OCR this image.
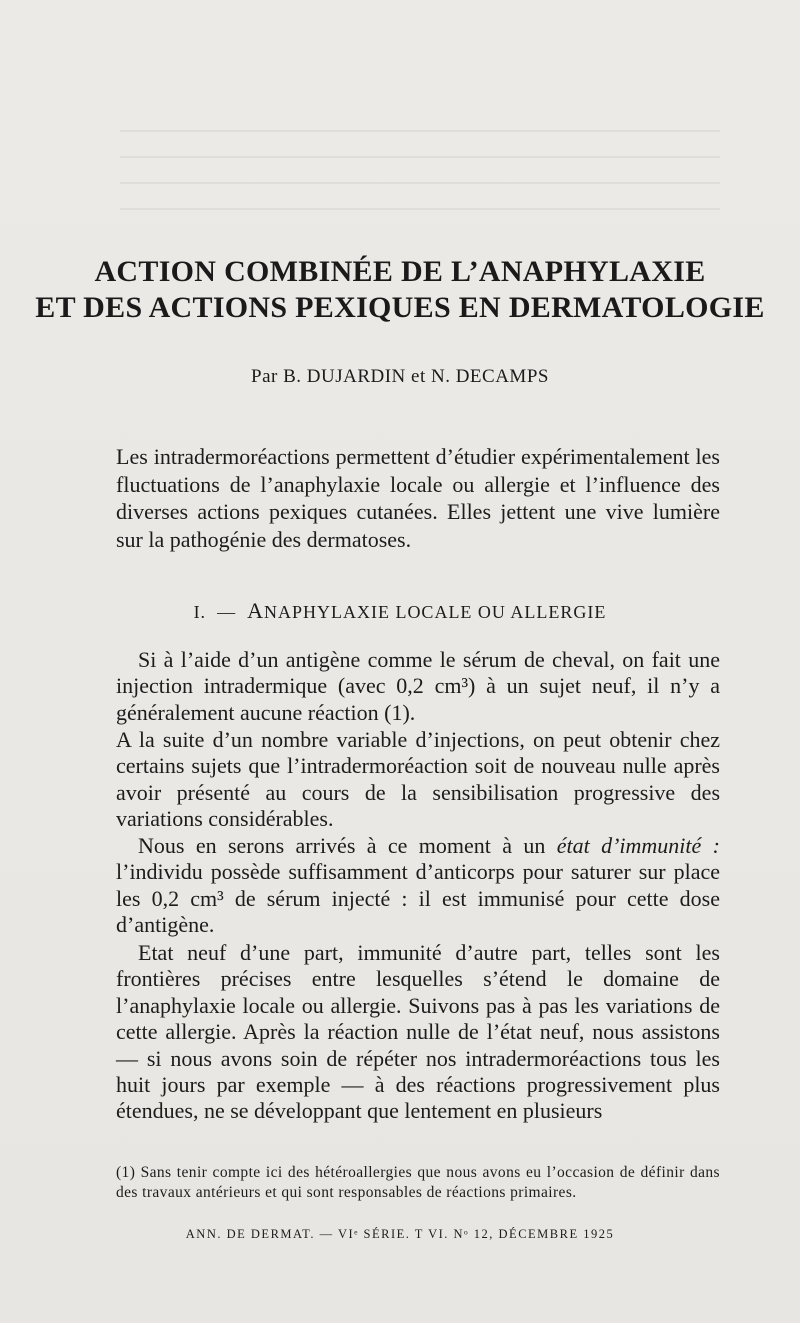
ACTION COMBINÉE DE L’ANAPHYLAXIE
ET DES ACTIONS PEXIQUES EN DERMATOLOGIE
Par B. DUJARDIN et N. DECAMPS

Les intradermoréactions permettent d’étudier expérimentalement les fluctuations de l’anaphylaxie locale ou allergie et l’influence des diverses actions pexiques cutanées. Elles jettent une vive lumière sur la pathogénie des dermatoses.

I. — ANAPHYLAXIE LOCALE OU ALLERGIE

Si à l’aide d’un antigène comme le sérum de cheval, on fait une injection intradermique (avec 0,2 cm³) à un sujet neuf, il n’y a généralement aucune réaction (1).

A la suite d’un nombre variable d’injections, on peut obtenir chez certains sujets que l’intradermoréaction soit de nouveau nulle après avoir présenté au cours de la sensibilisation progressive des variations considérables.

Nous en serons arrivés à ce moment à un état d’immunité : l’individu possède suffisamment d’anticorps pour saturer sur place les 0,2 cm³ de sérum injecté : il est immunisé pour cette dose d’antigène.

Etat neuf d’une part, immunité d’autre part, telles sont les frontières précises entre lesquelles s’étend le domaine de l’anaphylaxie locale ou allergie. Suivons pas à pas les variations de cette allergie. Après la réaction nulle de l’état neuf, nous assistons — si nous avons soin de répéter nos intradermoréactions tous les huit jours par exemple — à des réactions progressivement plus étendues, ne se développant que lentement en plusieurs

(1) Sans tenir compte ici des hétéroallergies que nous avons eu l’occasion de définir dans des travaux antérieurs et qui sont responsables de réactions primaires.
ANN. DE DERMAT. — VIᵉ SÉRIE. T VI. Nᵒ 12, DÉCEMBRE 1925
